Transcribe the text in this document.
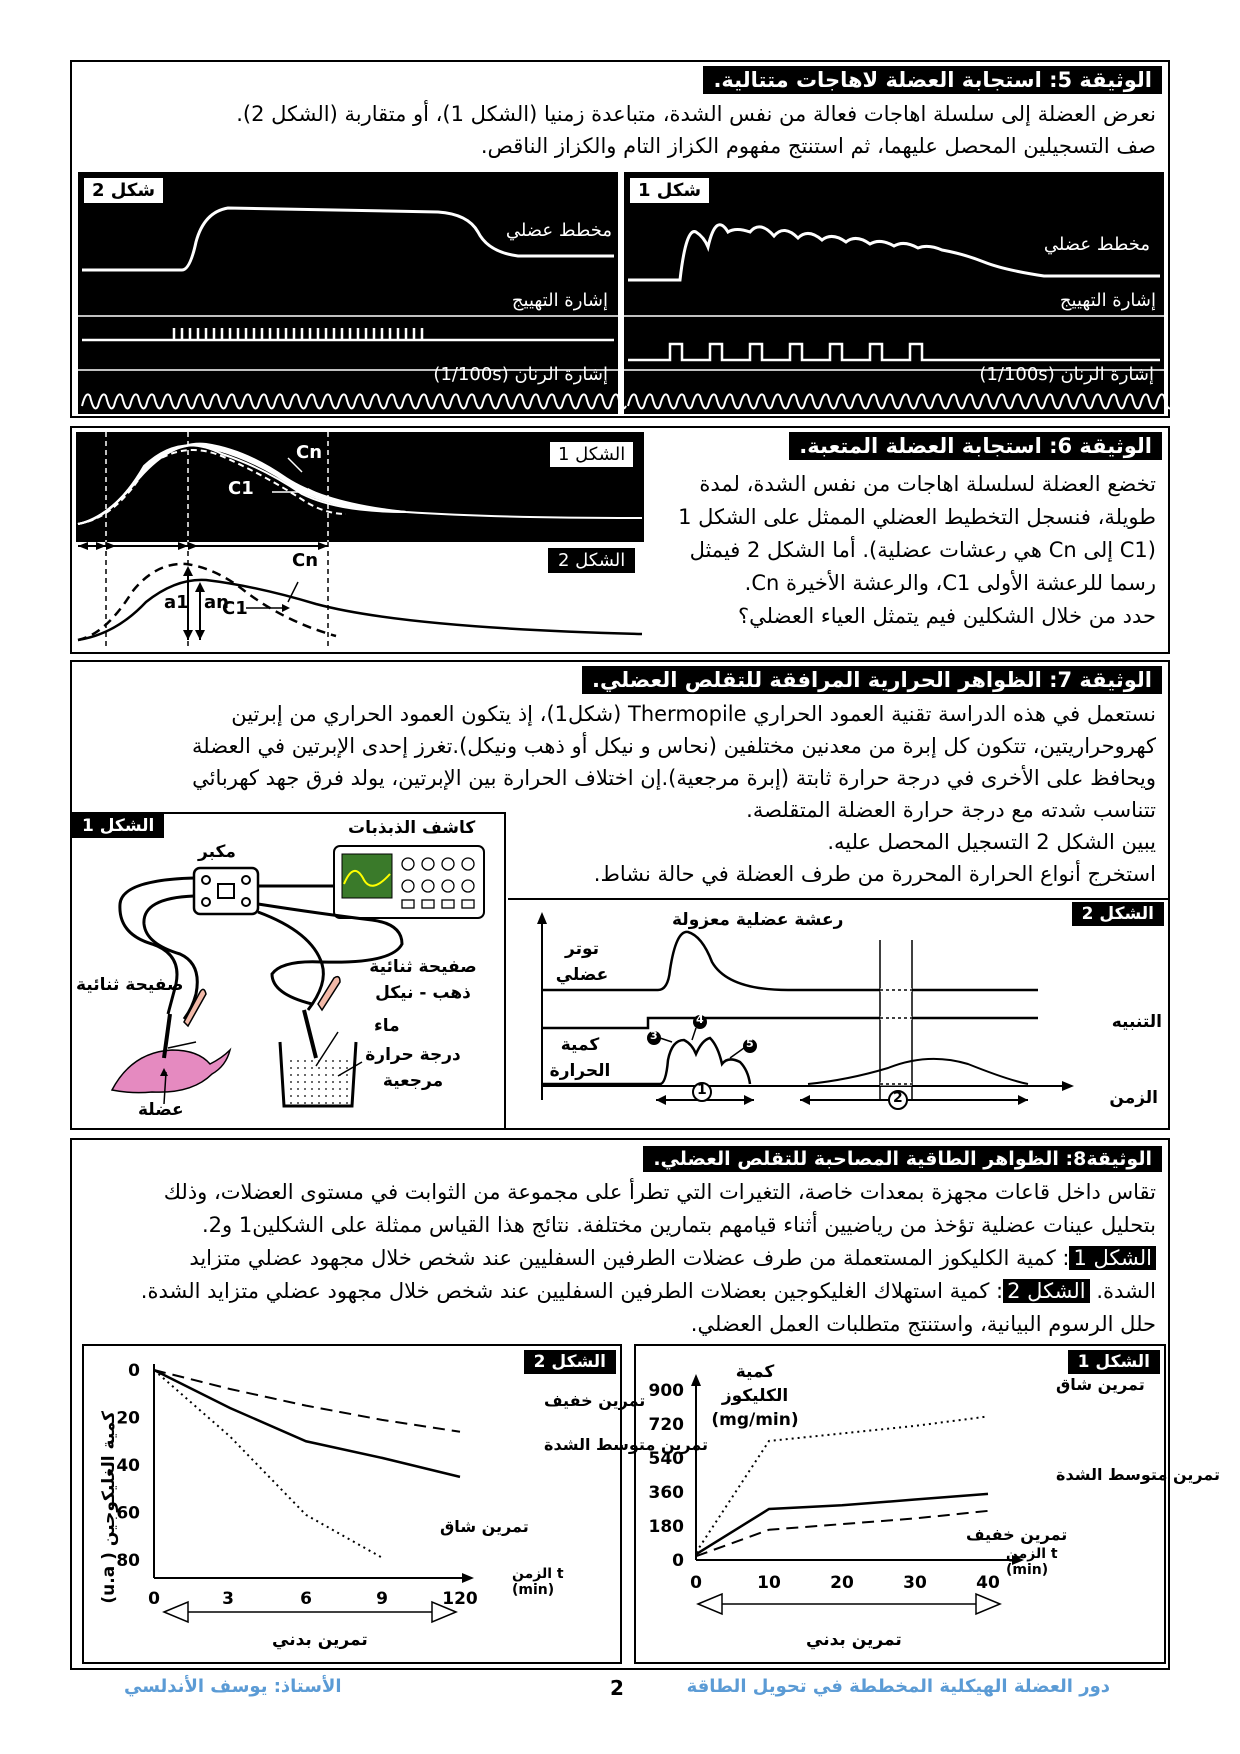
الوثيقة 5: استجابة العضلة لاهاجات متتالية.

نعرض العضلة إلى سلسلة اهاجات فعالة من نفس الشدة، متباعدة زمنيا (الشكل 1)، أو متقاربة (الشكل 2).

صف التسجيلين المحصل عليهما، ثم استنتج مفهوم الكزاز التام والكزاز الناقص.

شكل 1
مخطط عضلي
إشارة التهييج
إشارة الرنان (1/100s)
شكل 2
مخطط عضلي
إشارة التهييج
إشارة الرنان (1/100s)
Cn
C1
الشكل 1
Cn
C1
a1 an
الشكل 2
الوثيقة 6: استجابة العضلة المتعبة.

تخضع العضلة لسلسلة اهاجات من نفس الشدة، لمدة

طويلة، فنسجل التخطيط العضلي الممثل على الشكل 1

(C1 إلى Cn هي رعشات عضلية). أما الشكل 2 فيمثل

رسما للرعشة الأولى C1، والرعشة الأخيرة Cn.

حدد من خلال الشكلين فيم يتمثل العياء العضلي؟

الوثيقة 7: الظواهر الحرارية المرافقة للتقلص العضلي.

نستعمل في هذه الدراسة تقنية العمود الحراري Thermopile (شكل1)، إذ يتكون العمود الحراري من إبرتين

كهروحراريتين، تتكون كل إبرة من معدنين مختلفين (نحاس و نيكل أو ذهب ونيكل).تغرز إحدى الإبرتين في العضلة

ويحافظ على الأخرى في درجة حرارة ثابتة (إبرة مرجعية).إن اختلاف الحرارة بين الإبرتين، يولد فرق جهد كهربائي

تتناسب شدته مع درجة حرارة العضلة المتقلصة.

يبين الشكل 2 التسجيل المحصل عليه.

استخرج أنواع الحرارة المحررة من طرف العضلة في حالة نشاط.

الشكل 1	كاشف الذبذبات
مكبر
صفيحة ثنائية
صفيحة ثنائية ذهب - نيكل
ماء
درجة حرارة مرجعية
عضلة
الشكل 2
رعشة عضلية معزولة
توتر عضلي
التنبيه
كمية الحرارة
الزمن
1	2
3
4
5
الوثيقة8: الظواهر الطاقية المصاحبة للتقلص العضلي.

تقاس داخل قاعات مجهزة بمعدات خاصة، التغيرات التي تطرأ على مجموعة من الثوابت في مستوى العضلات، وذلك

بتحليل عينات عضلية تؤخذ من رياضيين أثناء قيامهم بتمارين مختلفة. نتائج هذا القياس ممثلة على الشكلين1 و2.

الشكل 1: كمية الكليكوز المستعملة من طرف عضلات الطرفين السفليين عند شخص خلال مجهود عضلي متزايد

الشدة. الشكل 2: كمية استهلاك الغليكوجين بعضلات الطرفين السفليين عند شخص خلال مجهود عضلي متزايد الشدة.

حلل الرسوم البيانية، واستنتج متطلبات العمل العضلي.

الشكل 1
0
180
360
540
720
900
0	10	20	30	40
تمرين شاق
تمرين متوسط الشدة
تمرين خفيف
كمية الكليكوز (mg/min)
الزمن t
(min)
تمرين بدني
الشكل 2
0
20
40
60
80
0	3	6	9	120
تمرين خفيف
تمرين متوسط الشدة
تمرين شاق
كمية الغليكوجين ( u.a)
الزمن t
(min)
تمرين بدني
دور العضلة الهيكلية المخططة في تحويل الطاقة
2
الأستاذ: يوسف الأندلسي
